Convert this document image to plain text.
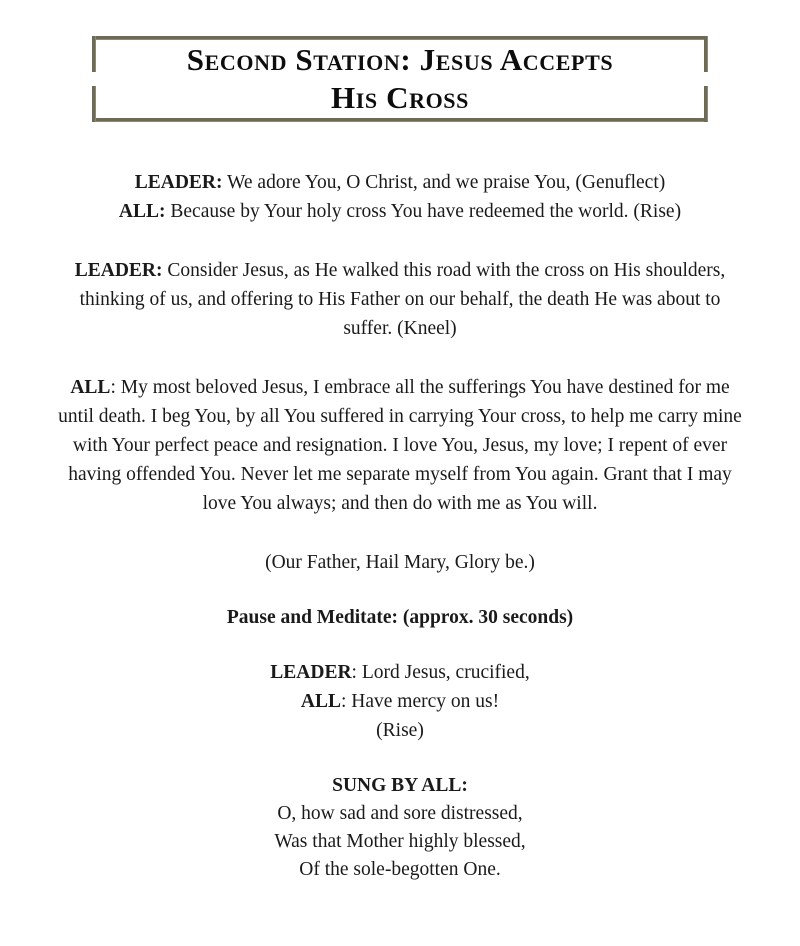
Second Station: Jesus Accepts
His Cross

LEADER: We adore You, O Christ, and we praise You, (Genuflect)

ALL: Because by Your holy cross You have redeemed the world. (Rise)

LEADER: Consider Jesus, as He walked this road with the cross on His shoulders, thinking of us, and offering to His Father on our behalf, the death He was about to suffer. (Kneel)

ALL: My most beloved Jesus, I embrace all the sufferings You have destined for me until death. I beg You, by all You suffered in carrying Your cross, to help me carry mine with Your perfect peace and resignation. I love You, Jesus, my love; I repent of ever having offended You. Never let me separate myself from You again. Grant that I may love You always; and then do with me as You will.

(Our Father, Hail Mary, Glory be.)

Pause and Meditate: (approx. 30 seconds)

LEADER: Lord Jesus, crucified,

ALL: Have mercy on us!

(Rise)

SUNG BY ALL:

O, how sad and sore distressed,

Was that Mother highly blessed,

Of the sole-begotten One.
